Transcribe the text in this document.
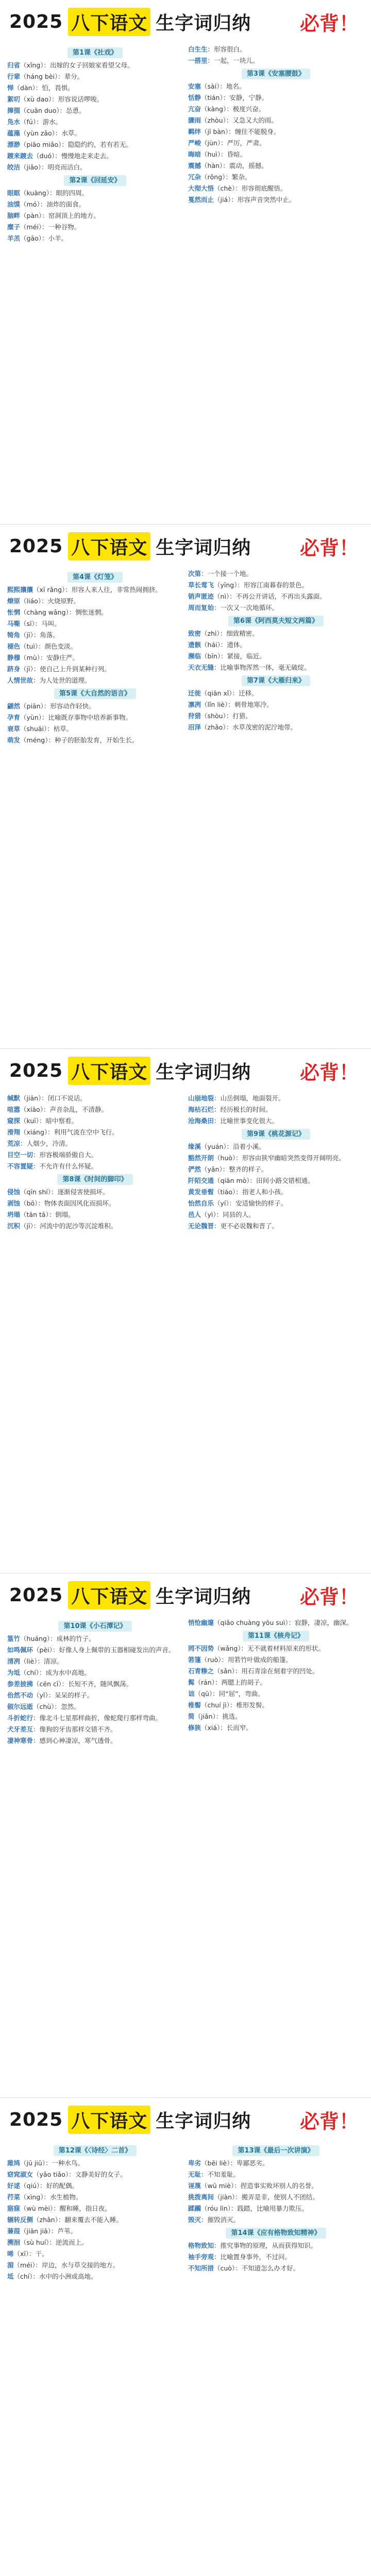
2025 八下语文 生字词归纳 必背！
第1课《社戏》
归省（xǐng）：出嫁的女子回娘家看望父母。
行辈（háng bèi）：辈分。
惮（dàn）：怕，畏惧。
絮叨（xù dao）：形容说话啰唆。
撺掇（cuān duo）：怂恿。
凫水（fú）：游水。
蕴藻（yùn zǎo）：水草。
漂渺（piāo miǎo）：隐隐约约，若有若无。
踱来踱去（duó）：慢慢地走来走去。
皎洁（jiǎo）：明亮而洁白。
第2课《回延安》
眼眶（kuàng）：眼的四周。
油馍（mó）：油炸的面食。
脑畔（pàn）：窑洞顶上的地方。
糜子（méi）：一种谷物。
羊羔（gāo）：小羊。
白生生：形容很白。
一搭里：一起，一块儿。
第3课《安塞腰鼓》
安塞（sài）：地名。
恬静（tián）：安静，宁静。
亢奋（kàng）：极度兴奋。
骤雨（zhòu）：又急又大的雨。
羁绊（jī bàn）：缠住不能脱身。
严峻（jùn）：严厉，严肃。
晦暗（huì）：昏暗。
震撼（hàn）：震动，摇撼。
冗杂（rǒng）：繁杂。
大彻大悟（chè）：形容彻底醒悟。
戛然而止（jiá）：形容声音突然中止。
2025 八下语文 生字词归纳 必背！
第4课《灯笼》
熙熙攘攘（xī rǎng）：形容人来人往，非常热闹拥挤。
燎原（liáo）：火烧原野。
怅惘（chàng wǎng）：惆怅迷惘。
马嘶（sī）：马叫。
犄角（jī）：角落。
褪色（tuì）：颜色变淡。
静穆（mù）：安静庄严。
跻身（jī）：使自己上升到某种行列。
人情世故：为人处世的道理。
第5课《大自然的语言》
翩然（piān）：形容动作轻快。
孕育（yùn）：比喻既存事物中培养新事物。
衰草（shuāi）：枯草。
萌发（méng）：种子的胚胎发育，开始生长。
次第：一个接一个地。
草长莺飞（yīng）：形容江南暮春的景色。
销声匿迹（nì）：不再公开讲话，不再出头露面。
周而复始：一次又一次地循环。
第6课《阿西莫夫短文两篇》
致密（zhì）：细致精密。
遗骸（hái）：遗体。
濒临（bīn）：紧接，临近。
天衣无缝：比喻事物浑然一体，毫无破绽。
第7课《大雁归来》
迁徙（qiān xǐ）：迁移。
凛冽（lǐn liè）：刺骨地寒冷。
狩猎（shòu）：打猎。
沼泽（zhǎo）：水草茂密的泥泞地带。
2025 八下语文 生字词归纳 必背！
缄默（jiān）：闭口不说话。
喧嚣（xiāo）：声音杂乱，不清静。
窥探（kuī）：暗中察看。
滑翔（xiáng）：利用气流在空中飞行。
荒凉：人烟少，冷清。
目空一切：形容极端骄傲自大。
不容置疑：不允许有什么怀疑。
第8课《时间的脚印》
侵蚀（qīn shí）：逐渐侵害使损坏。
剥蚀（bō）：物体表面因风化而损坏。
坍塌（tān tā）：倒塌。
沉积（jī）：河流中的泥沙等沉淀堆积。
山崩地裂：山岳倒塌，地面裂开。
海枯石烂：经历极长的时间。
沧海桑田：比喻世事变化很大。
第9课《桃花源记》
缘溪（yuán）：沿着小溪。
豁然开朗（huò）：形容由狭窄幽暗突然变得开阔明亮。
俨然（yǎn）：整齐的样子。
阡陌交通（qiān mò）：田间小路交错相通。
黄发垂髫（tiáo）：指老人和小孩。
怡然自乐（yí）：安适愉快的样子。
邑人（yì）：同县的人。
无论魏晋：更不必说魏和晋了。
2025 八下语文 生字词归纳 必背！
第10课《小石潭记》
篁竹（huáng）：成林的竹子。
如鸣佩环（pèi）：好像人身上佩带的玉器相碰发出的声音。
清冽（liè）：清凉。
为坻（chí）：成为水中高地。
参差披拂（cēn cī）：长短不齐，随风飘荡。
佁然不动（yǐ）：呆呆的样子。
俶尔远逝（chù）：忽然。
斗折蛇行：像北斗七星那样曲折，像蛇爬行那样弯曲。
犬牙差互：像狗的牙齿那样交错不齐。
凄神寒骨：感到心神凄凉，寒气透骨。
悄怆幽邃（qiǎo chuàng yōu suì）：寂静，凄凉，幽深。
第11课《核舟记》
罔不因势（wǎng）：无不就着材料原来的形状。
箬篷（ruò）：用箬竹叶做成的船篷。
石青糁之（sǎn）：用石青涂在刻着字的凹处。
髯（rán）：两腮上的胡子。
诎（qū）：同“屈”，弯曲。
椎髻（chuí jì）：椎形发髻。
简（jiǎn）：挑选。
修狭（xiá）：长而窄。
2025 八下语文 生字词归纳 必背！
第12课《〈诗经〉二首》
雎鸠（jū jiū）：一种水鸟。
窈窕淑女（yǎo tiǎo）：文静美好的女子。
好逑（qiú）：好的配偶。
荇菜（xìng）：水生植物。
寤寐（wù mèi）：醒和睡，指日夜。
辗转反侧（zhǎn）：翻来覆去不能入睡。
蒹葭（jiān jiā）：芦苇。
溯洄（sù huí）：逆流而上。
晞（xī）：干。
湄（méi）：岸边，水与草交接的地方。
坻（chí）：水中的小洲或高地。
第13课《最后一次讲演》
卑劣（bēi liè）：卑鄙恶劣。
无耻：不知羞耻。
诬蔑（wū miè）：捏造事实败坏别人的名誉。
挑拨离间（jiàn）：搬弄是非，使别人不团结。
蹂躏（róu lìn）：践踏，比喻用暴力欺压。
毁灭：摧毁消灭。
第14课《应有格物致知精神》
格物致知：推究事物的原理，从而获得知识。
袖手旁观：比喻置身事外，不过问。
不知所措（cuò）：不知道怎么办才好。
